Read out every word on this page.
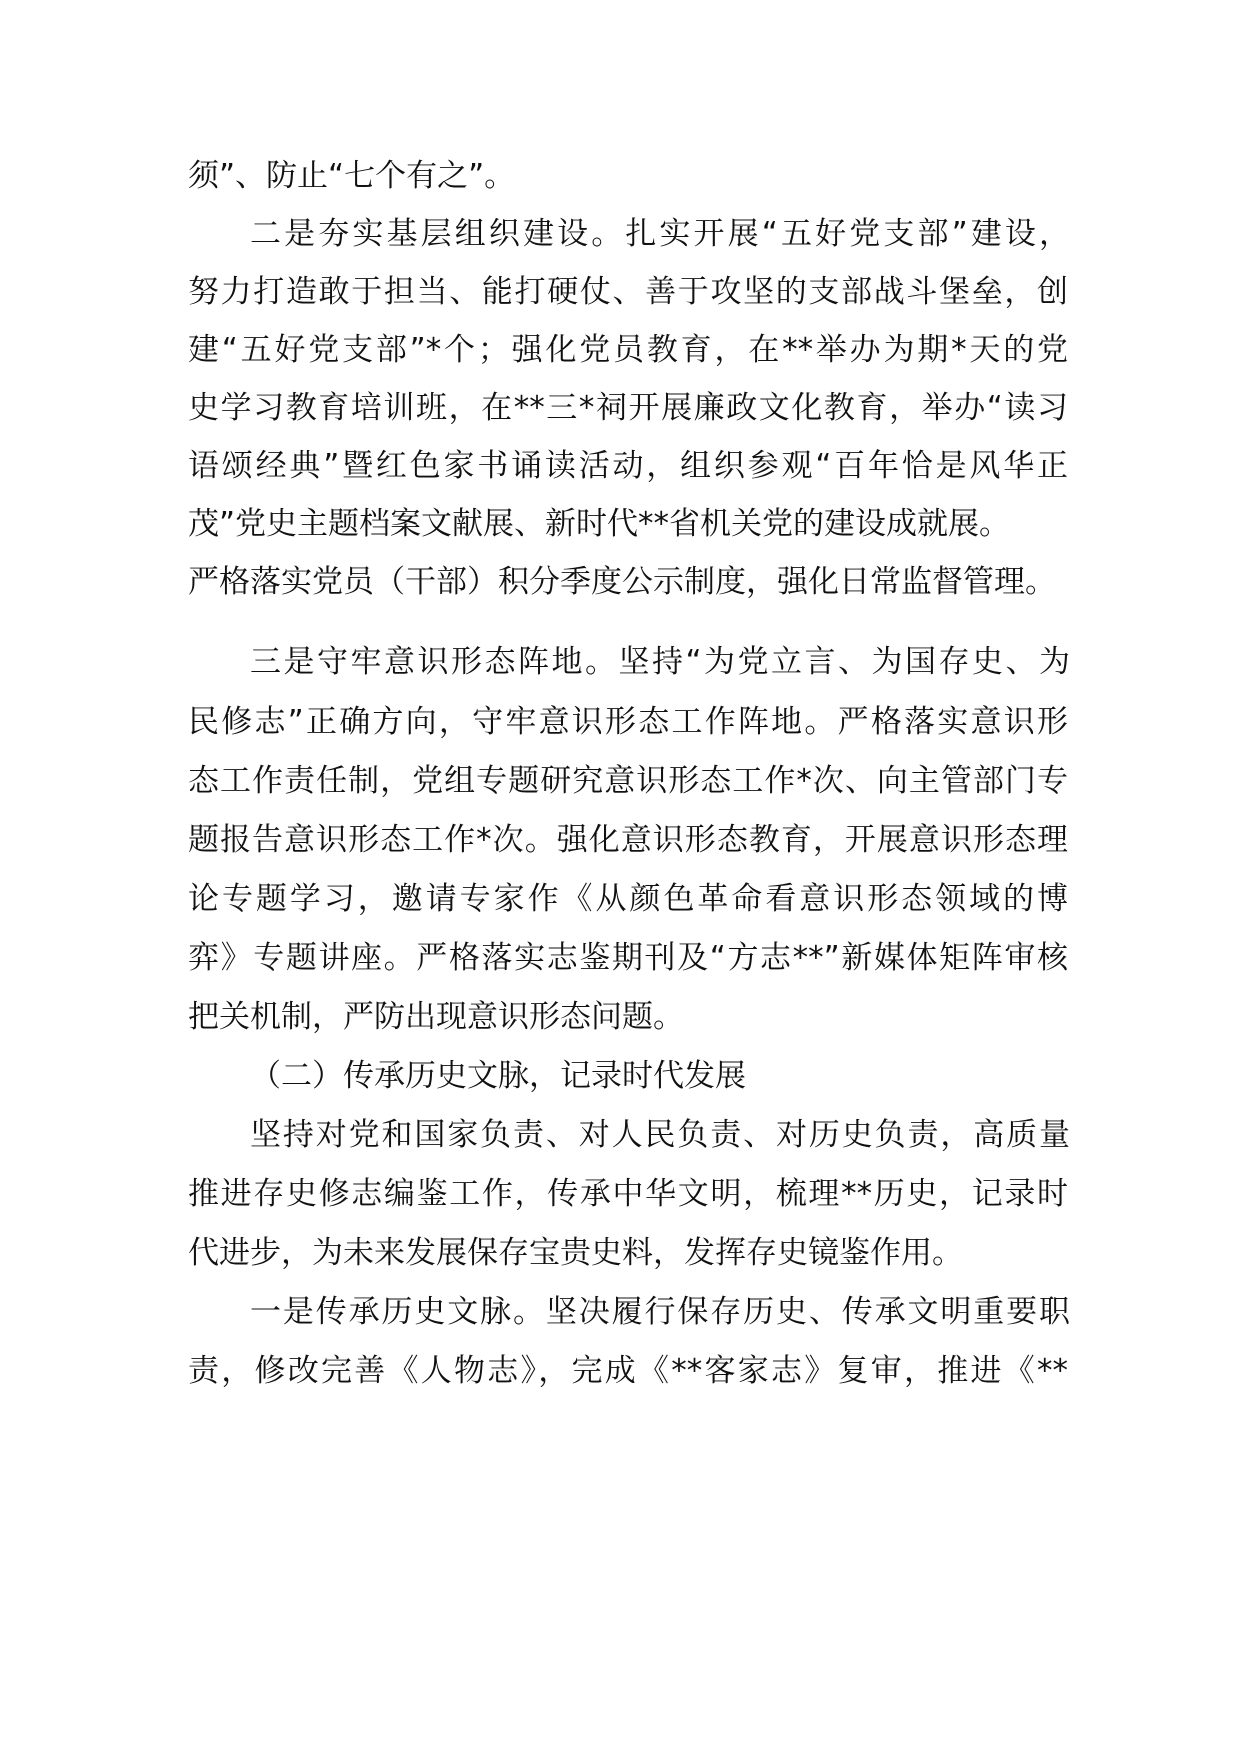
须”、防止“七个有之”。

二是夯实基层组织建设。扎实开展“五好党支部”建设，

努力打造敢于担当、能打硬仗、善于攻坚的支部战斗堡垒，创

建“五好党支部”*个；强化党员教育，在**举办为期*天的党

史学习教育培训班，在**三*祠开展廉政文化教育，举办“读习

语颂经典”暨红色家书诵读活动，组织参观“百年恰是风华正

茂”党史主题档案文献展、新时代**省机关党的建设成就展。

严格落实党员（干部）积分季度公示制度，强化日常监督管理。

三是守牢意识形态阵地。坚持“为党立言、为国存史、为

民修志”正确方向，守牢意识形态工作阵地。严格落实意识形

态工作责任制，党组专题研究意识形态工作*次、向主管部门专

题报告意识形态工作*次。强化意识形态教育，开展意识形态理

论专题学习，邀请专家作《从颜色革命看意识形态领域的博

弈》专题讲座。严格落实志鉴期刊及“方志**”新媒体矩阵审核

把关机制，严防出现意识形态问题。

（二）传承历史文脉，记录时代发展

坚持对党和国家负责、对人民负责、对历史负责，高质量

推进存史修志编鉴工作，传承中华文明，梳理**历史，记录时

代进步，为未来发展保存宝贵史料，发挥存史镜鉴作用。

一是传承历史文脉。坚决履行保存历史、传承文明重要职

责，修改完善《人物志》，完成《**客家志》复审，推进《**
